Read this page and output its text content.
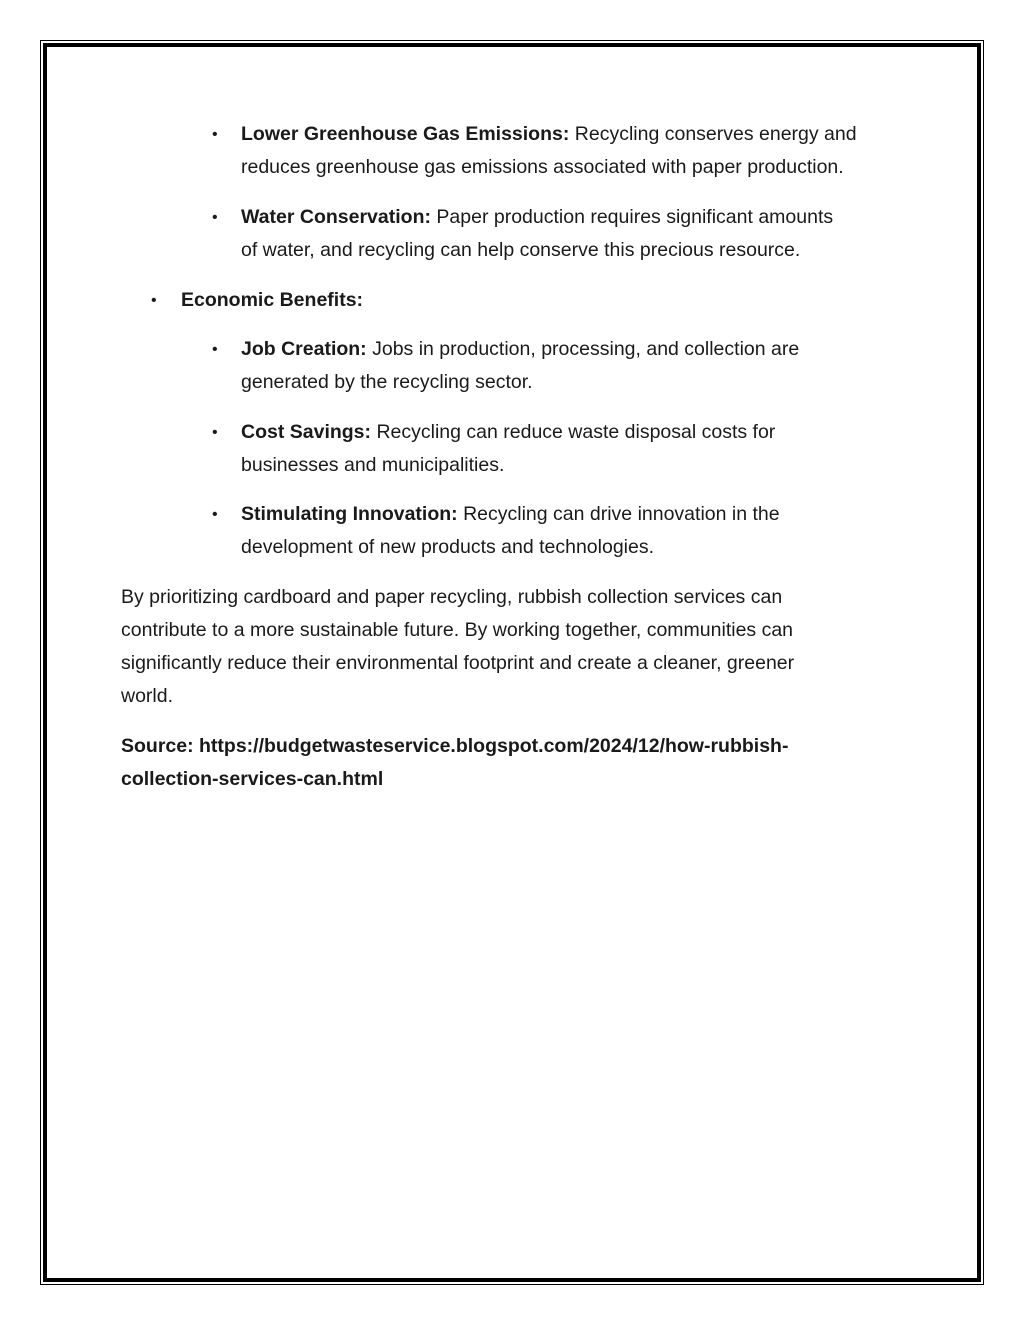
• Lower Greenhouse Gas Emissions: Recycling conserves energy and
reduces greenhouse gas emissions associated with paper production.
• Water Conservation: Paper production requires significant amounts
of water, and recycling can help conserve this precious resource.
• Economic Benefits:
• Job Creation: Jobs in production, processing, and collection are
generated by the recycling sector.
• Cost Savings: Recycling can reduce waste disposal costs for
businesses and municipalities.
• Stimulating Innovation: Recycling can drive innovation in the
development of new products and technologies.
By prioritizing cardboard and paper recycling, rubbish collection services can
contribute to a more sustainable future. By working together, communities can
significantly reduce their environmental footprint and create a cleaner, greener
world.
Source: https://budgetwasteservice.blogspot.com/2024/12/how-rubbish-
collection-services-can.html
